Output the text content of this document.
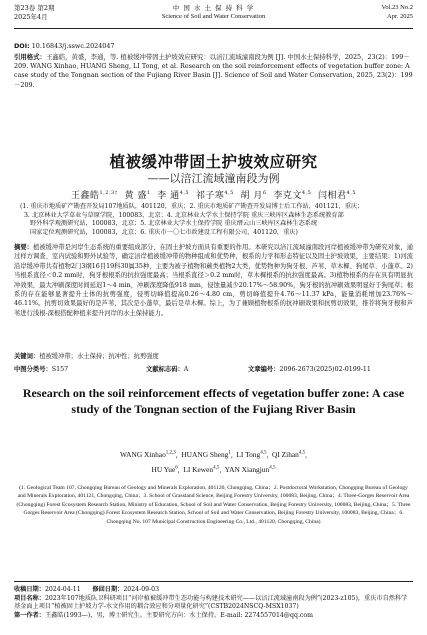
第23卷 第2期
2025年4月
中 国 水 土 保 持 科 学
Science of Soil and Water Conservation
Vol.23 No.2
Apr. 2025
DOI: 10.16843/j.sswc.2024047
引用格式：王鑫皓，黄盛，李通，等. 植被缓冲带固土护坡效应研究：以涪江流域潼南段为例 [J]. 中国水土保持科学，2025，23(2)：199－209. WANG Xinhao, HUANG Sheng, LI Tong, et al. Research on the soil reinforcement effects of vegetation buffer zone: A case study of the Tongnan section of the Fujiang River Basin [J]. Science of Soil and Water Conservation, 2025, 23(2)：199－209.
植被缓冲带固土护坡效应研究
——以涪江流域潼南段为例
王鑫皓$^{1,2,3\dagger}$ 黄 盛$^1$ 李 通$^{4,5}$ 祁子寒$^{4,5}$ 胡 月$^6$ 李克文$^{4,5}$ 闫相君$^{4,5}$
(1. 重庆市地质矿产勘查开发局107地质队，401120，重庆；2. 重庆市地质矿产勘查开发局博士后工作站，401121，重庆；
3. 北京林业大学草业与草原学院，100083，北京；4. 北京林业大学水土保持学院 重庆三峡库区森林生态系统教育部
野外科学观测研究站，100083，北京；5. 北京林业大学水土保持学院 重庆缙云山三峡库区森林生态系统
国家定位观测研究站，100083，北京；6. 重庆市一〇七市政建设工程有限公司，401120，重庆)
摘要：植被缓冲带是河岸生态系统的重要组成部分，在固土护坡方面具有重要的作用。本研究以涪江流域潼南段河岸植被缓冲带为研究对象，通过样方调查、室内试验和野外试验等，确定涪岸植被缓冲带的物种组成和优势种，根系的力学和形态特征以及固土护坡效果，主要结果：1)河流沿岸缓冲带共有植物2门3纲16目19科30属35种，主要为被子植物和蕨类植物2大类，优势物种为狗牙根、芦苇、草木樨、狗尾草、小蓬草。2)当根系直径＜0.2 mm时，狗牙根根系的抗拉强度最高；当根系直径＞0.2 mm时，草木樨根系的抗拉强度最高。3)植物根系的存在具有明显抗冲效果，最大冲刷深度时间延迟1～4 min，冲刷深度降低918 mm，侵蚀量减少20.17%～58.90%，狗牙根的抗冲刷效果明显好于狗尾草；根系的存在能够显著提升土体的抗剪强度，侵剪切峰值提高0.26～4.80 cm，剪切峰值提升4.76～11.37 kPa，能量消耗增加23.76%～46.11%。抗剪切效果最好的是芦苇，其次是小蓬草，最后是草木樨。综上，为了兼顾植物根系的抗冲刷效果和抗剪切效果，推荐将狗牙根和芦苇进行浅根-深根搭配种植来提升河岸的水土保持能力。
关键词：植被缓冲带；水土保持；抗冲性；抗剪强度
中图分类号：S157	文献标志码：A	文章编号：2096-2673(2025)02-0199-11
Research on the soil reinforcement effects of vegetation buffer zone: A case study of the Tongnan section of the Fujiang River Basin
WANG Xinhao$^{1,2,3}$,  HUANG Sheng$^1$,  LI Tong$^{4,5}$,  QI Zihan$^{4,5}$,
HU Yue$^6$,  LI Kewen$^{4,5}$,  YAN Xiangjun$^{4,5}$
(1. Geological Team 107, Chongqing Bureau of Geology and Minerals Exploration, 401120, Chongqing, China；2. Postdoctoral Workstation, Chongqing Bureau of Geology and Minerals Exploration, 401121, Chongqing, China；3. School of Grassland Science, Beijing Forestry University, 100083, Beijing, China；4. Three-Gorges Reservoir Area (Chongqing) Forest Ecosystem Research Station, Ministry of Education, School of Soil and Water Conservation, Beijing Forestry University, 100083, Beijing, China；5. Three Gorges Reservoir Area (Chongqing) Forest Ecosystem Research Station, School of Soil and Water Conservation, Beijing Forestry University, 100083, Beijing, China；6. Chongqing No. 107 Municipal Construction Engineering Co., Ltd., 401120, Chongqing, China)

收稿日期：2024-04-11 修回日期：2024-09-03

项目名称：2023年107地质队卫科研项目“河岸植被缓冲带生态功能与构建技术研究——以涪江流域潼南段为例”(2023-z105)，重庆市自然科学基金面上项目“植被固土护坡力学-水文作用的耦合效应和分项量化研究”(CSTB2024NSCQ-MSX1037)

第一作者：王鑫皓(1993—)，男，博士研究生。主要研究方向：水土保持。E-mail: 2274557014@qq.com
